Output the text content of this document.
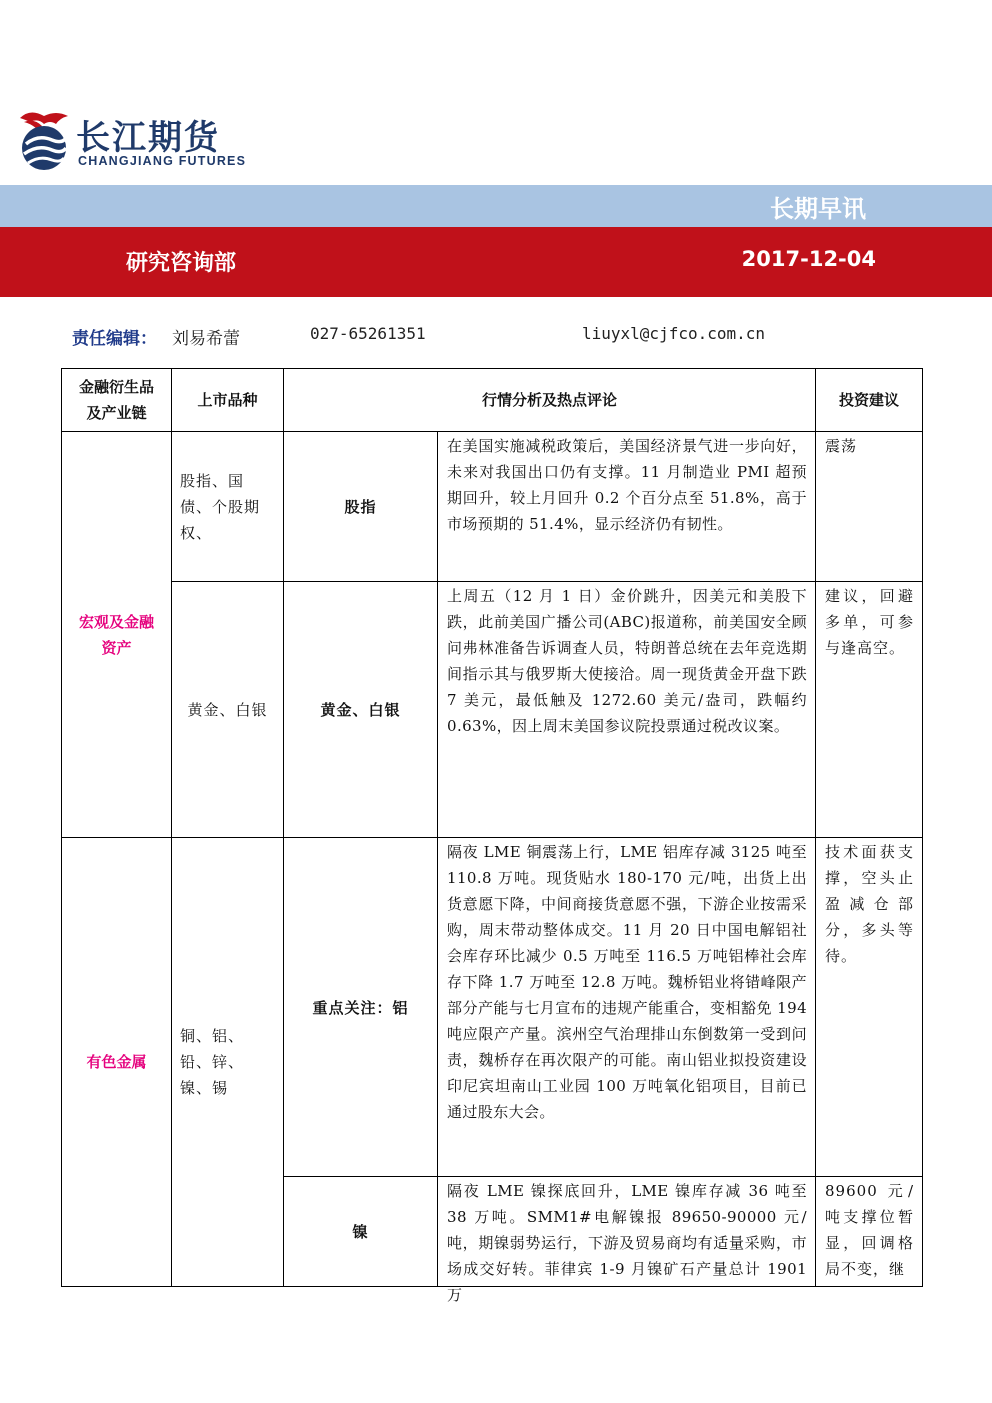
长江期货
CHANGJIANG FUTURES
长期早讯
研究咨询部	2017-12-04
责任编辑： 刘易希蕾	027-65261351	liuyxl@cjfco.com.cn
金融衍生品及产业链	上市品种	行情分析及热点评论		投资建议
宏观及金融资产	股指、国债、个股期权、	股指	在美国实施减税政策后，美国经济景气进一步向好，未来对我国出口仍有支撑。11 月制造业 PMI 超预期回升，较上月回升 0.2 个百分点至 51.8%，高于市场预期的 51.4%，显示经济仍有韧性。	震荡
	黄金、白银	黄金、白银	上周五（12 月 1 日）金价跳升，因美元和美股下跌，此前美国广播公司(ABC)报道称，前美国安全顾问弗林准备告诉调查人员，特朗普总统在去年竞选期间指示其与俄罗斯大使接洽。周一现货黄金开盘下跌 7 美元，最低触及 1272.60 美元/盎司，跌幅约 0.63%，因上周末美国参议院投票通过税改议案。	建议，回避多单，可参与逢高空。
有色金属	铜、铝、铅、锌、镍、锡	重点关注：铝	隔夜 LME 铜震荡上行，LME 铝库存减 3125 吨至 110.8 万吨。现货贴水 180-170 元/吨，出货上出货意愿下降，中间商接货意愿不强，下游企业按需采购，周末带动整体成交。11 月 20 日中国电解铝社会库存环比减少 0.5 万吨至 116.5 万吨铝棒社会库存下降 1.7 万吨至 12.8 万吨。魏桥铝业将错峰限产部分产能与七月宣布的违规产能重合，变相豁免 194 吨应限产产量。滨州空气治理排山东倒数第一受到问责，魏桥存在再次限产的可能。南山铝业拟投资建设印尼宾坦南山工业园 100 万吨氧化铝项目，目前已通过股东大会。	技术面获支撑，空头止盈减仓部分，多头等待。
		镍	隔夜 LME 镍探底回升，LME 镍库存减 36 吨至 38 万吨。SMM1#电解镍报 89650-90000 元/吨，期镍弱势运行，下游及贸易商均有适量采购，市场成交好转。菲律宾 1-9 月镍矿石产量总计 1901 万	89600 元/吨支撑位暂显，回调格局不变，继
